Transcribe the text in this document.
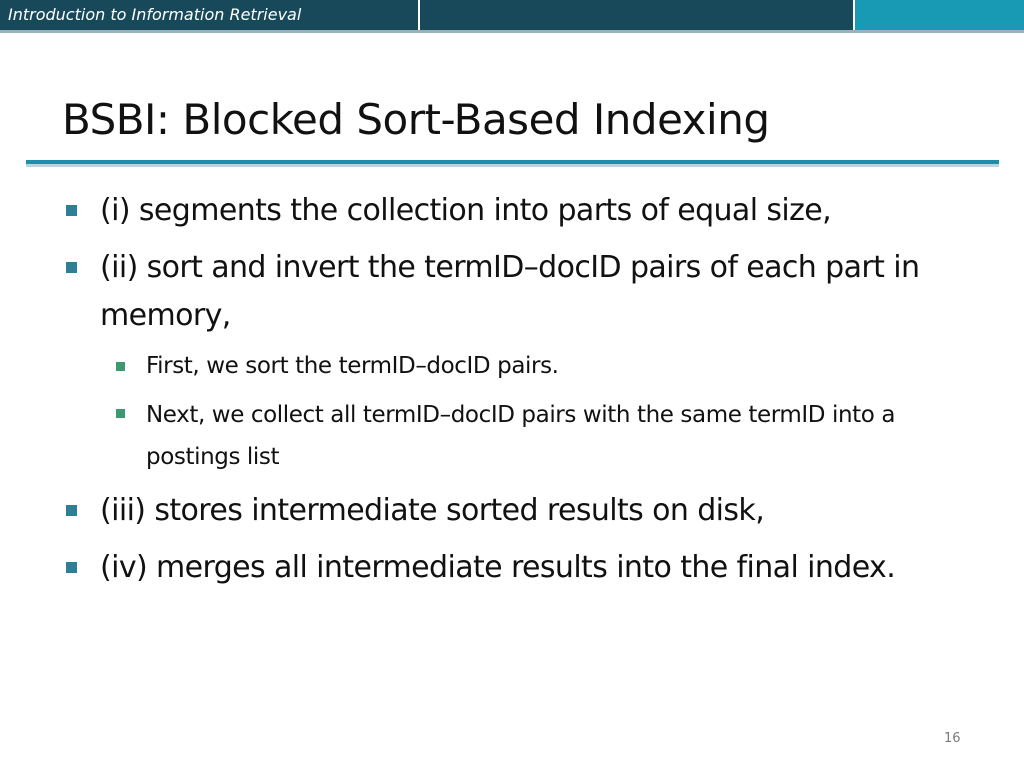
Introduction to Information Retrieval
BSBI: Blocked Sort-Based Indexing
(i) segments the collection into parts of equal size,
(ii) sort and invert the termID–docID pairs of each part in memory,
First, we sort the termID–docID pairs.
Next, we collect all termID–docID pairs with the same termID into a postings list
(iii) stores intermediate sorted results on disk,
(iv) merges all intermediate results into the final index.
16
